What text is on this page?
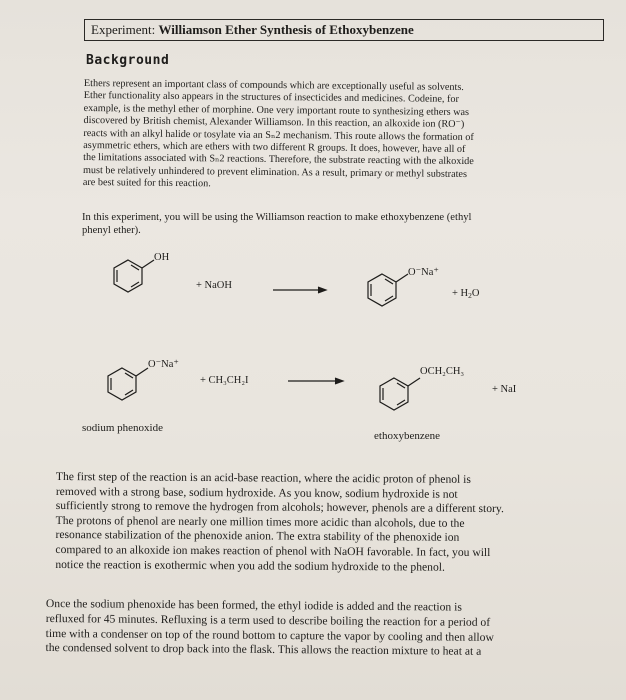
Experiment: Williamson Ether Synthesis of Ethoxybenzene
Background
Ethers represent an important class of compounds which are exceptionally useful as solvents.
Ether functionality also appears in the structures of insecticides and medicines. Codeine, for
example, is the methyl ether of morphine. One very important route to synthesizing ethers was
discovered by British chemist, Alexander Williamson. In this reaction, an alkoxide ion (RO⁻)
reacts with an alkyl halide or tosylate via an Sₙ2 mechanism. This route allows the formation of
asymmetric ethers, which are ethers with two different R groups. It does, however, have all of
the limitations associated with Sₙ2 reactions. Therefore, the substrate reacting with the alkoxide
must be relatively unhindered to prevent elimination. As a result, primary or methyl substrates
are best suited for this reaction.
In this experiment, you will be using the Williamson reaction to make ethoxybenzene (ethyl
phenyl ether).
OH
+ NaOH
O⁻Na⁺
+ $H_2O$
O⁻Na⁺
+ CH₃CH₂I
OCH₂CH₃
+ NaI
sodium phenoxide
ethoxybenzene
The first step of the reaction is an acid-base reaction, where the acidic proton of phenol is
removed with a strong base, sodium hydroxide. As you know, sodium hydroxide is not
sufficiently strong to remove the hydrogen from alcohols; however, phenols are a different story.
The protons of phenol are nearly one million times more acidic than alcohols, due to the
resonance stabilization of the phenoxide anion. The extra stability of the phenoxide ion
compared to an alkoxide ion makes reaction of phenol with NaOH favorable. In fact, you will
notice the reaction is exothermic when you add the sodium hydroxide to the phenol.
Once the sodium phenoxide has been formed, the ethyl iodide is added and the reaction is
refluxed for 45 minutes. Refluxing is a term used to describe boiling the reaction for a period of
time with a condenser on top of the round bottom to capture the vapor by cooling and then allow
the condensed solvent to drop back into the flask. This allows the reaction mixture to heat at a
